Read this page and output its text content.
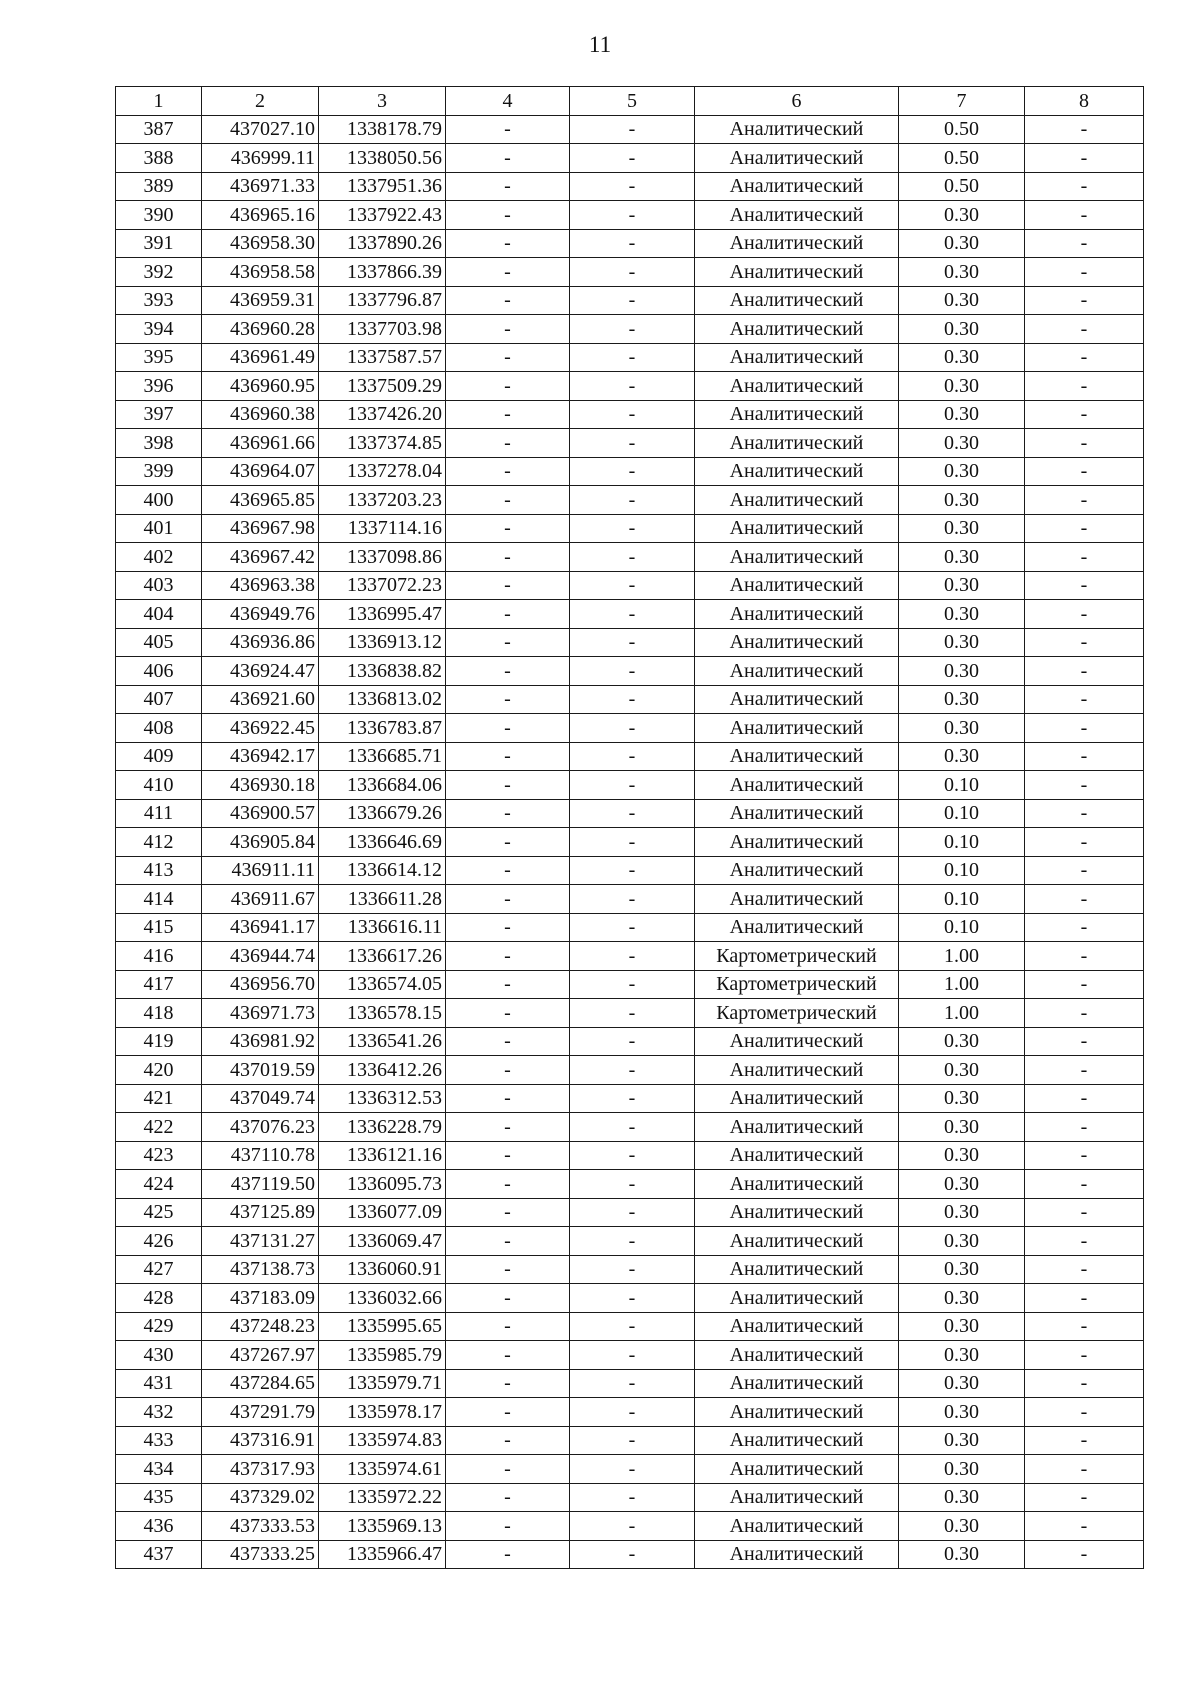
11
1	2	3	4	5	6	7	8
387	437027.10	1338178.79	-	-	Аналитический	0.50	-
388	436999.11	1338050.56	-	-	Аналитический	0.50	-
389	436971.33	1337951.36	-	-	Аналитический	0.50	-
390	436965.16	1337922.43	-	-	Аналитический	0.30	-
391	436958.30	1337890.26	-	-	Аналитический	0.30	-
392	436958.58	1337866.39	-	-	Аналитический	0.30	-
393	436959.31	1337796.87	-	-	Аналитический	0.30	-
394	436960.28	1337703.98	-	-	Аналитический	0.30	-
395	436961.49	1337587.57	-	-	Аналитический	0.30	-
396	436960.95	1337509.29	-	-	Аналитический	0.30	-
397	436960.38	1337426.20	-	-	Аналитический	0.30	-
398	436961.66	1337374.85	-	-	Аналитический	0.30	-
399	436964.07	1337278.04	-	-	Аналитический	0.30	-
400	436965.85	1337203.23	-	-	Аналитический	0.30	-
401	436967.98	1337114.16	-	-	Аналитический	0.30	-
402	436967.42	1337098.86	-	-	Аналитический	0.30	-
403	436963.38	1337072.23	-	-	Аналитический	0.30	-
404	436949.76	1336995.47	-	-	Аналитический	0.30	-
405	436936.86	1336913.12	-	-	Аналитический	0.30	-
406	436924.47	1336838.82	-	-	Аналитический	0.30	-
407	436921.60	1336813.02	-	-	Аналитический	0.30	-
408	436922.45	1336783.87	-	-	Аналитический	0.30	-
409	436942.17	1336685.71	-	-	Аналитический	0.30	-
410	436930.18	1336684.06	-	-	Аналитический	0.10	-
411	436900.57	1336679.26	-	-	Аналитический	0.10	-
412	436905.84	1336646.69	-	-	Аналитический	0.10	-
413	436911.11	1336614.12	-	-	Аналитический	0.10	-
414	436911.67	1336611.28	-	-	Аналитический	0.10	-
415	436941.17	1336616.11	-	-	Аналитический	0.10	-
416	436944.74	1336617.26	-	-	Картометрический	1.00	-
417	436956.70	1336574.05	-	-	Картометрический	1.00	-
418	436971.73	1336578.15	-	-	Картометрический	1.00	-
419	436981.92	1336541.26	-	-	Аналитический	0.30	-
420	437019.59	1336412.26	-	-	Аналитический	0.30	-
421	437049.74	1336312.53	-	-	Аналитический	0.30	-
422	437076.23	1336228.79	-	-	Аналитический	0.30	-
423	437110.78	1336121.16	-	-	Аналитический	0.30	-
424	437119.50	1336095.73	-	-	Аналитический	0.30	-
425	437125.89	1336077.09	-	-	Аналитический	0.30	-
426	437131.27	1336069.47	-	-	Аналитический	0.30	-
427	437138.73	1336060.91	-	-	Аналитический	0.30	-
428	437183.09	1336032.66	-	-	Аналитический	0.30	-
429	437248.23	1335995.65	-	-	Аналитический	0.30	-
430	437267.97	1335985.79	-	-	Аналитический	0.30	-
431	437284.65	1335979.71	-	-	Аналитический	0.30	-
432	437291.79	1335978.17	-	-	Аналитический	0.30	-
433	437316.91	1335974.83	-	-	Аналитический	0.30	-
434	437317.93	1335974.61	-	-	Аналитический	0.30	-
435	437329.02	1335972.22	-	-	Аналитический	0.30	-
436	437333.53	1335969.13	-	-	Аналитический	0.30	-
437	437333.25	1335966.47	-	-	Аналитический	0.30	-
